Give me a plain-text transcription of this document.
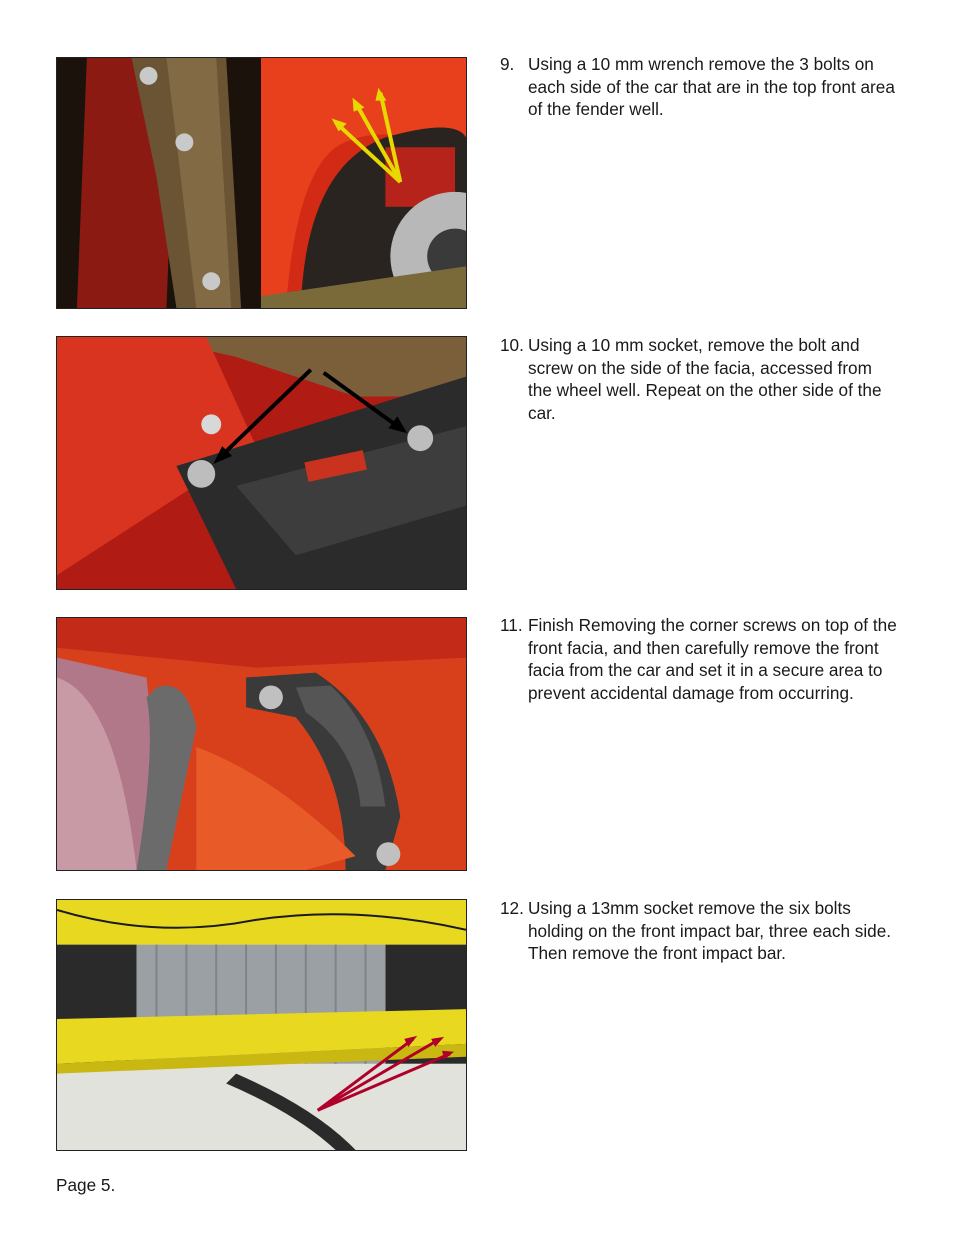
9. Using a 10 mm wrench remove the 3 bolts on each side of the car that are in the top front area of the fender well.
10. Using a 10 mm socket, remove the bolt and screw on the side of the facia, accessed from the wheel well. Repeat on the other side of the car.
11. Finish Removing the corner screws on top of the front facia, and then carefully remove the front facia from the car and set it in a secure area to prevent accidental damage from occurring.
12. Using a 13mm socket remove the six bolts holding on the front impact bar, three each side. Then remove the front impact bar.
Page 5.
